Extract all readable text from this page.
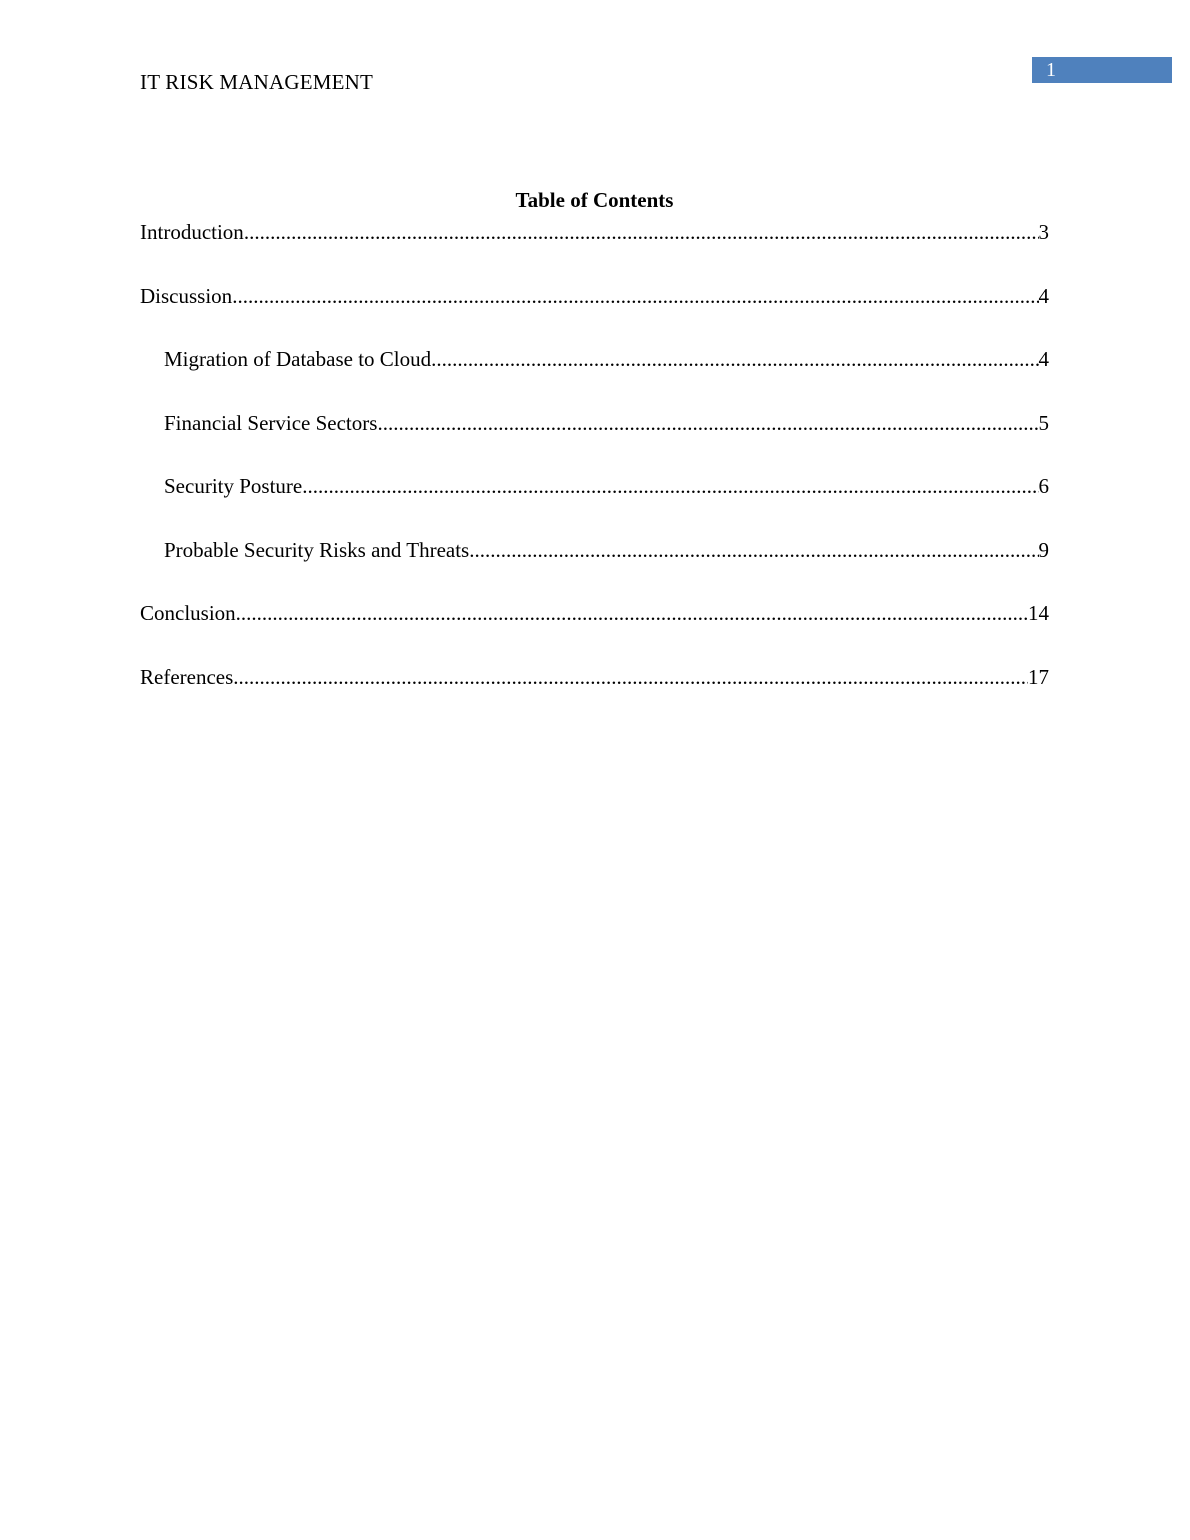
IT RISK MANAGEMENT	1
Table of Contents
Introduction .....	3
Discussion .....	4
Migration of Database to Cloud .....	4
Financial Service Sectors .....	5
Security Posture .....	6
Probable Security Risks and Threats .....	9
Conclusion .....	14
References .....	17
